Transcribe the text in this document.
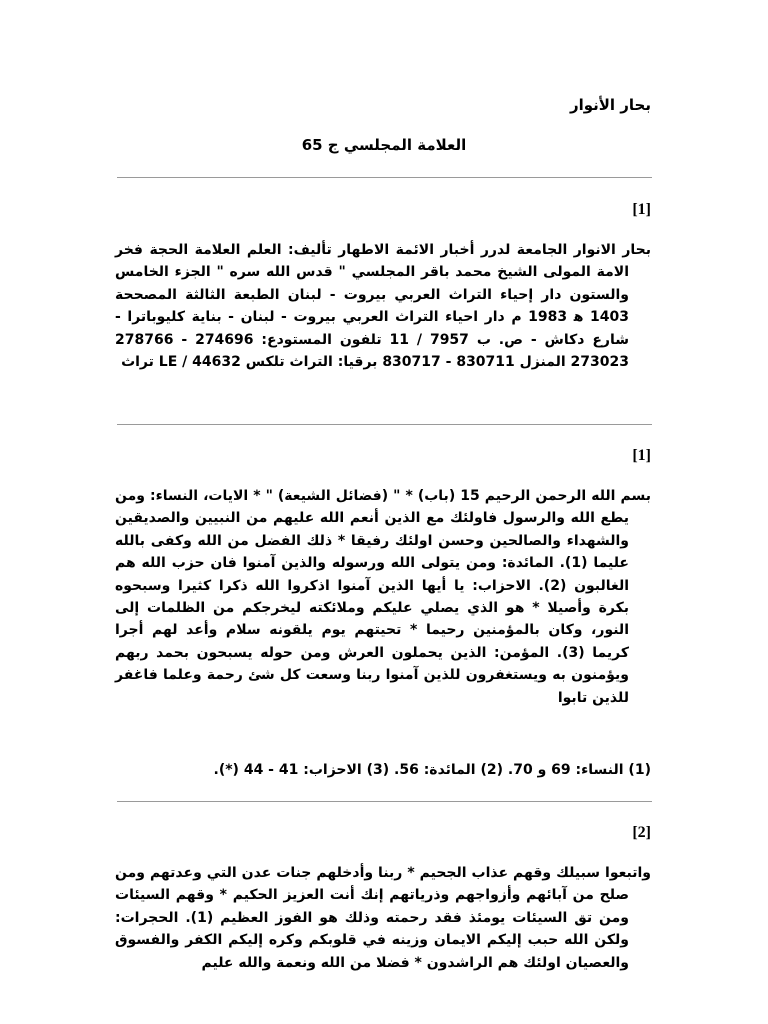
بحار الأنوار
العلامة المجلسي ج 65
[1]
بحار الانوار الجامعة لدرر أخبار الائمة الاطهار تأليف: العلم العلامة الحجة فخر الامة المولى الشيخ محمد باقر المجلسي " قدس الله سره " الجزء الخامس والستون دار إحياء التراث العربي بيروت - لبنان الطبعة الثالثة المصححة 1403 ه‍ 1983 م دار احياء التراث العربي بيروت - لبنان - بناية كليوباترا - شارع دكاش - ص. ب 7957 / 11 تلفون المستودع: 274696 - 278766 273023 المنزل 830711 - 830717 برقيا: التراث تلكس 44632 / LE تراث
[1]
بسم الله الرحمن الرحيم 15 (باب) * " (فضائل الشيعة) " * الايات، النساء: ومن يطع الله والرسول فاولئك مع الذين أنعم الله عليهم من النبيين والصديقين والشهداء والصالحين وحسن اولئك رفيقا * ذلك الفضل من الله وكفى بالله عليما (1). المائدة: ومن يتولى الله ورسوله والذين آمنوا فان حزب الله هم الغالبون (2). الاحزاب: يا أيها الذين آمنوا اذكروا الله ذكرا كثيرا وسبحوه بكرة وأصيلا * هو الذي يصلي عليكم وملائكته ليخرجكم من الظلمات إلى النور، وكان بالمؤمنين رحيما * تحيتهم يوم يلقونه سلام وأعد لهم أجرا كريما (3). المؤمن: الذين يحملون العرش ومن حوله يسبحون بحمد ربهم ويؤمنون به ويستغفرون للذين آمنوا ربنا وسعت كل شئ رحمة وعلما فاغفر للذين تابوا
(1) النساء: 69 و 70. (2) المائدة: 56. (3) الاحزاب: 41 - 44 (*).
[2]
واتبعوا سبيلك وقهم عذاب الجحيم * ربنا وأدخلهم جنات عدن التي وعدتهم ومن صلح من آبائهم وأزواجهم وذرياتهم إنك أنت العزيز الحكيم * وقهم السيئات ومن تق السيئات يومئذ فقد رحمته وذلك هو الفوز العظيم (1). الحجرات: ولكن الله حبب إليكم الايمان وزينه في قلوبكم وكره إليكم الكفر والفسوق والعصيان اولئك هم الراشدون * فضلا من الله ونعمة والله عليم
